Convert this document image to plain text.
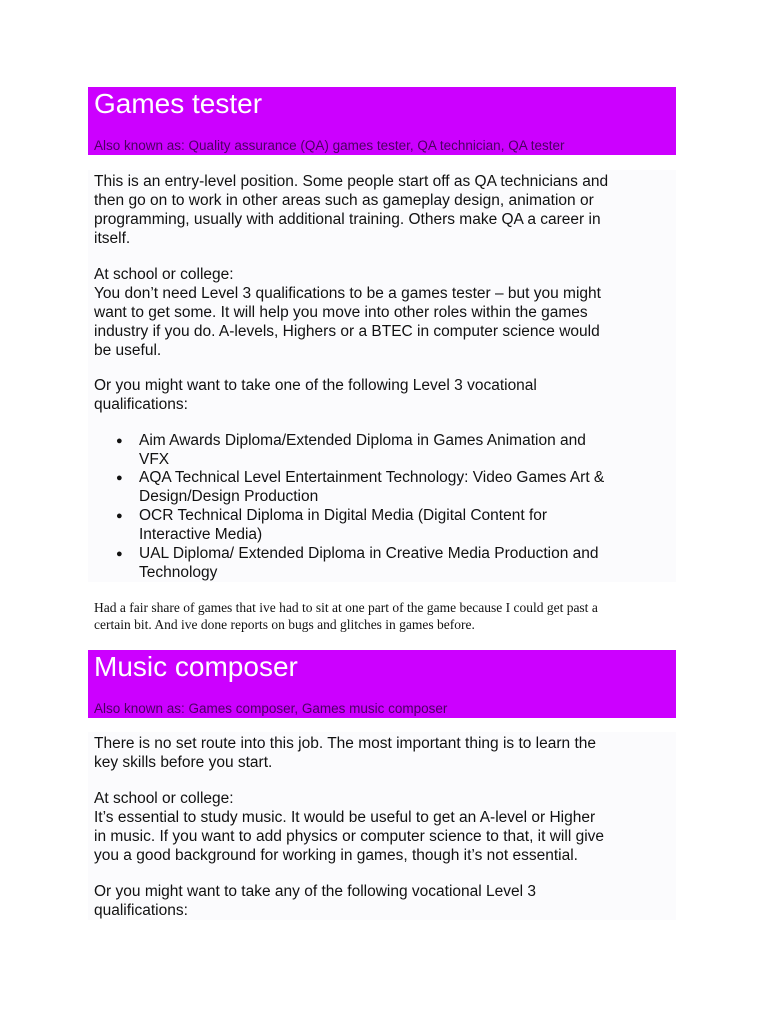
Games tester
Also known as: Quality assurance (QA) games tester, QA technician, QA tester
This is an entry-level position. Some people start off as QA technicians and
then go on to work in other areas such as gameplay design, animation or
programming, usually with additional training. Others make QA a career in
itself.
At school or college:
You don’t need Level 3 qualifications to be a games tester – but you might
want to get some. It will help you move into other roles within the games
industry if you do. A-levels, Highers or a BTEC in computer science would
be useful.
Or you might want to take one of the following Level 3 vocational
qualifications:
● Aim Awards Diploma/Extended Diploma in Games Animation and
VFX
● AQA Technical Level Entertainment Technology: Video Games Art &
Design/Design Production
● OCR Technical Diploma in Digital Media (Digital Content for
Interactive Media)
● UAL Diploma/ Extended Diploma in Creative Media Production and
Technology
Had a fair share of games that ive had to sit at one part of the game because I could get past a
certain bit. And ive done reports on bugs and glitches in games before.
Music composer
Also known as: Games composer, Games music composer
There is no set route into this job. The most important thing is to learn the
key skills before you start.
At school or college:
It’s essential to study music. It would be useful to get an A-level or Higher
in music. If you want to add physics or computer science to that, it will give
you a good background for working in games, though it’s not essential.
Or you might want to take any of the following vocational Level 3
qualifications:
